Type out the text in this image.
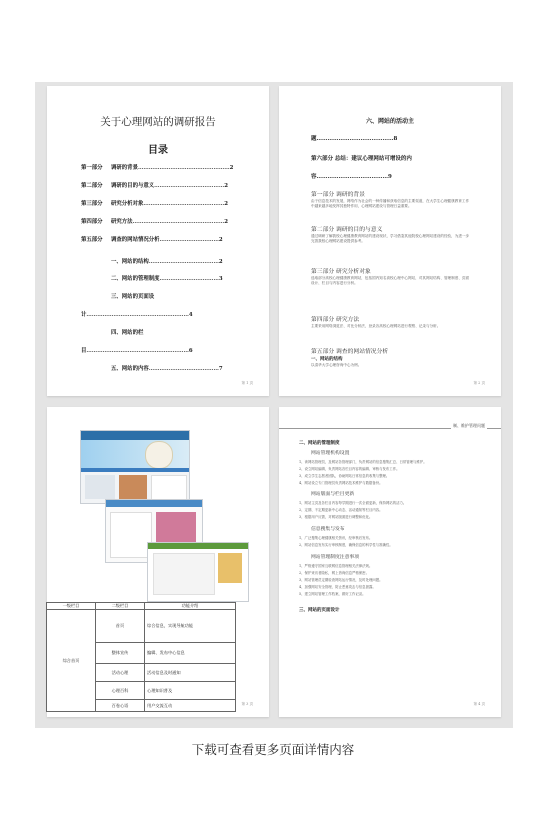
关于心理网站的调研报告
目录
第一部分 调研的背景……………………………………………2
第二部分 调研的目的与意义…………………………………2
第三部分 研究分析对象………………………………………2
第四部分 研究方法……………………………………………2
第五部分 调查的网站情况分析……………………………2
一、网站的结构…………………………………2
二、网站的管理制度……………………………3
三、网站的页面设
计…………………………………………………4
四、网站的栏
目…………………………………………………6
五、网站的内容…………………………………7
第 1 页
六、网站的活动主
题……………………………………8
第六部分 总结：建议心理网站可增设的内
容…………………………………9
第一部分 调研的背景
由于信息技术的发展，网络作为社会的一种传播和获取信息的主要渠道，在大学生心理健康教育工作中越来越多地发挥其独特作用，心理网站建设与管理日益重要。
第二部分 调研的目的与意义
通过调研了解我校心理健康教育网站的建设现状，学习借鉴其他院校心理网站建设的经验，为进一步完善我校心理网站建设提供参考。
第三部分 研究分析对象
选取部分高校心理健康教育网站，包括国内知名高校心理中心网站，对其网站结构、管理制度、页面设计、栏目与内容进行分析。
第四部分 研究方法
主要采用网络浏览法、对比分析法，登录各高校心理网站进行观察、记录与分析。
第五部分 调查的网站情况分析
一、网站的结构
以清华大学心理咨询中心为例。
第 2 页
第 3 页
一级栏目	二级栏目	功能介绍
综合首页	首页	综合信息，实现导航功能
	整体宣传	编辑、发布中心信息
	活动心理	活动信息及时通知
	心理百科	心理知识普及
	百卷心语	用户交流互动
制、维护管理问题
二、网站的管理制度
网站管理机构设置
1、该网站管理员，及网站各管理部门，负责网站的信息搜集汇总、日常管理与维护。
2、设立网站编辑，负责网站各栏目内容的编辑、审核与发布工作。
3、成立学生志愿者团队，协助网站日常信息的收集与整理。
4、网站设立专门管理员负责网站技术维护与数据备份。
网站版面与栏目更新
1、网站主页及各栏目内容每学期进行一次全面更新，保持网站的活力。
2、定期、不定期更新中心动态、活动通知等栏目内容。
3、根据用户反馈，对网站版面进行调整和优化。
信息搜集与发布
1、广泛搜集心理健康相关资讯，经审核后发布。
2、网站信息发布实行审核制度，确保信息的科学性与准确性。
网站管理制度注意事项
1、严格遵守国家互联网信息管理相关法律法规。
2、保护来访者隐私，网上咨询信息严格保密。
3、网站管理员定期检查网站运行情况，及时处理问题。
4、加强网站安全管理，防止恶意攻击与信息泄露。
5、建立网站管理工作档案，做好工作记录。
三、网站的页面设计
第 4 页
下载可查看更多页面详情内容
